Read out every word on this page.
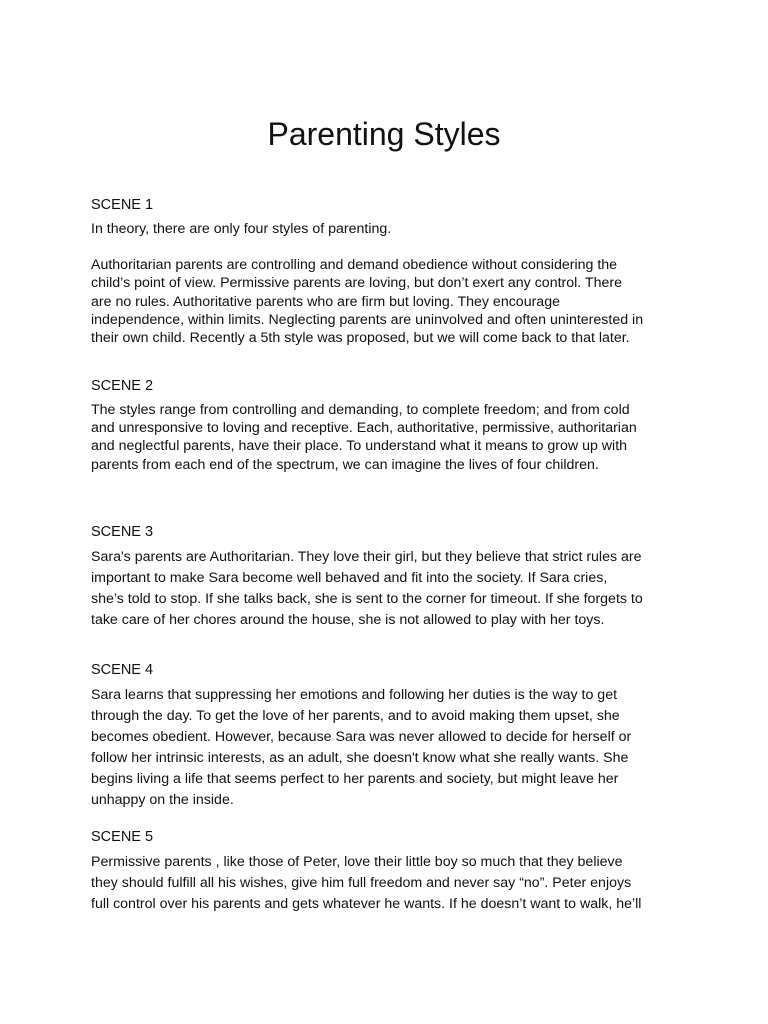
Parenting Styles

SCENE 1

In theory, there are only four styles of parenting.

Authoritarian parents are controlling and demand obedience without considering the
child’s point of view. Permissive parents are loving, but don’t exert any control. There
are no rules. Authoritative parents who are firm but loving. They encourage
independence, within limits. Neglecting parents are uninvolved and often uninterested in
their own child. Recently a 5th style was proposed, but we will come back to that later.

SCENE 2

The styles range from controlling and demanding, to complete freedom; and from cold
and unresponsive to loving and receptive. Each, authoritative, permissive, authoritarian
and neglectful parents, have their place. To understand what it means to grow up with
parents from each end of the spectrum, we can imagine the lives of four children.

SCENE 3

Sara's parents are Authoritarian. They love their girl, but they believe that strict rules are
important to make Sara become well behaved and fit into the society. If Sara cries,
she’s told to stop. If she talks back, she is sent to the corner for timeout. If she forgets to
take care of her chores around the house, she is not allowed to play with her toys.

SCENE 4

Sara learns that suppressing her emotions and following her duties is the way to get
through the day. To get the love of her parents, and to avoid making them upset, she
becomes obedient. However, because Sara was never allowed to decide for herself or
follow her intrinsic interests, as an adult, she doesn't know what she really wants. She
begins living a life that seems perfect to her parents and society, but might leave her
unhappy on the inside.

SCENE 5

Permissive parents , like those of Peter, love their little boy so much that they believe
they should fulfill all his wishes, give him full freedom and never say “no”. Peter enjoys
full control over his parents and gets whatever he wants. If he doesn’t want to walk, he’ll
